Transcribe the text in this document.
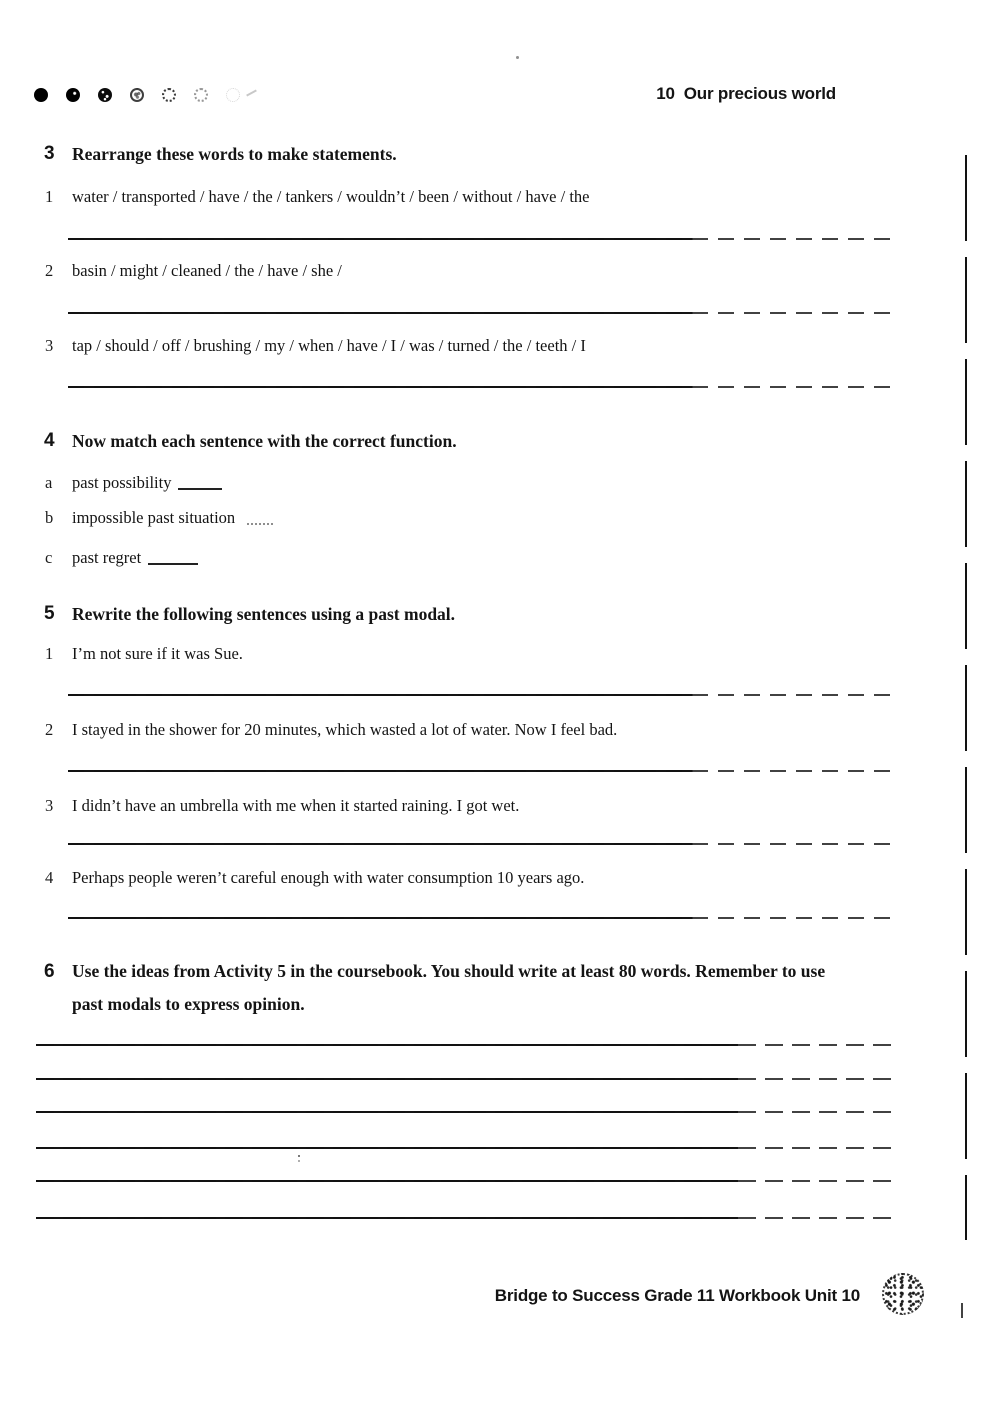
10 Our precious world
3 Rearrange these words to make statements.
1	water / transported / have / the / tankers / wouldn’t / been / without / have / the
2	basin / might / cleaned / the / have / she /
3	tap / should / off / brushing / my / when / have / I / was / turned / the / teeth / I
4 Now match each sentence with the correct function.
a	past possibility
b	impossible past situation
c	past regret
5 Rewrite the following sentences using a past modal.
1	I’m not sure if it was Sue.
2	I stayed in the shower for 20 minutes, which wasted a lot of water. Now I feel bad.
3	I didn’t have an umbrella with me when it started raining. I got wet.
4	Perhaps people weren’t careful enough with water consumption 10 years ago.
6 Use the ideas from Activity 5 in the coursebook. You should write at least 80 words. Remember to use past modals to express opinion.
Bridge to Success Grade 11 Workbook Unit 10
